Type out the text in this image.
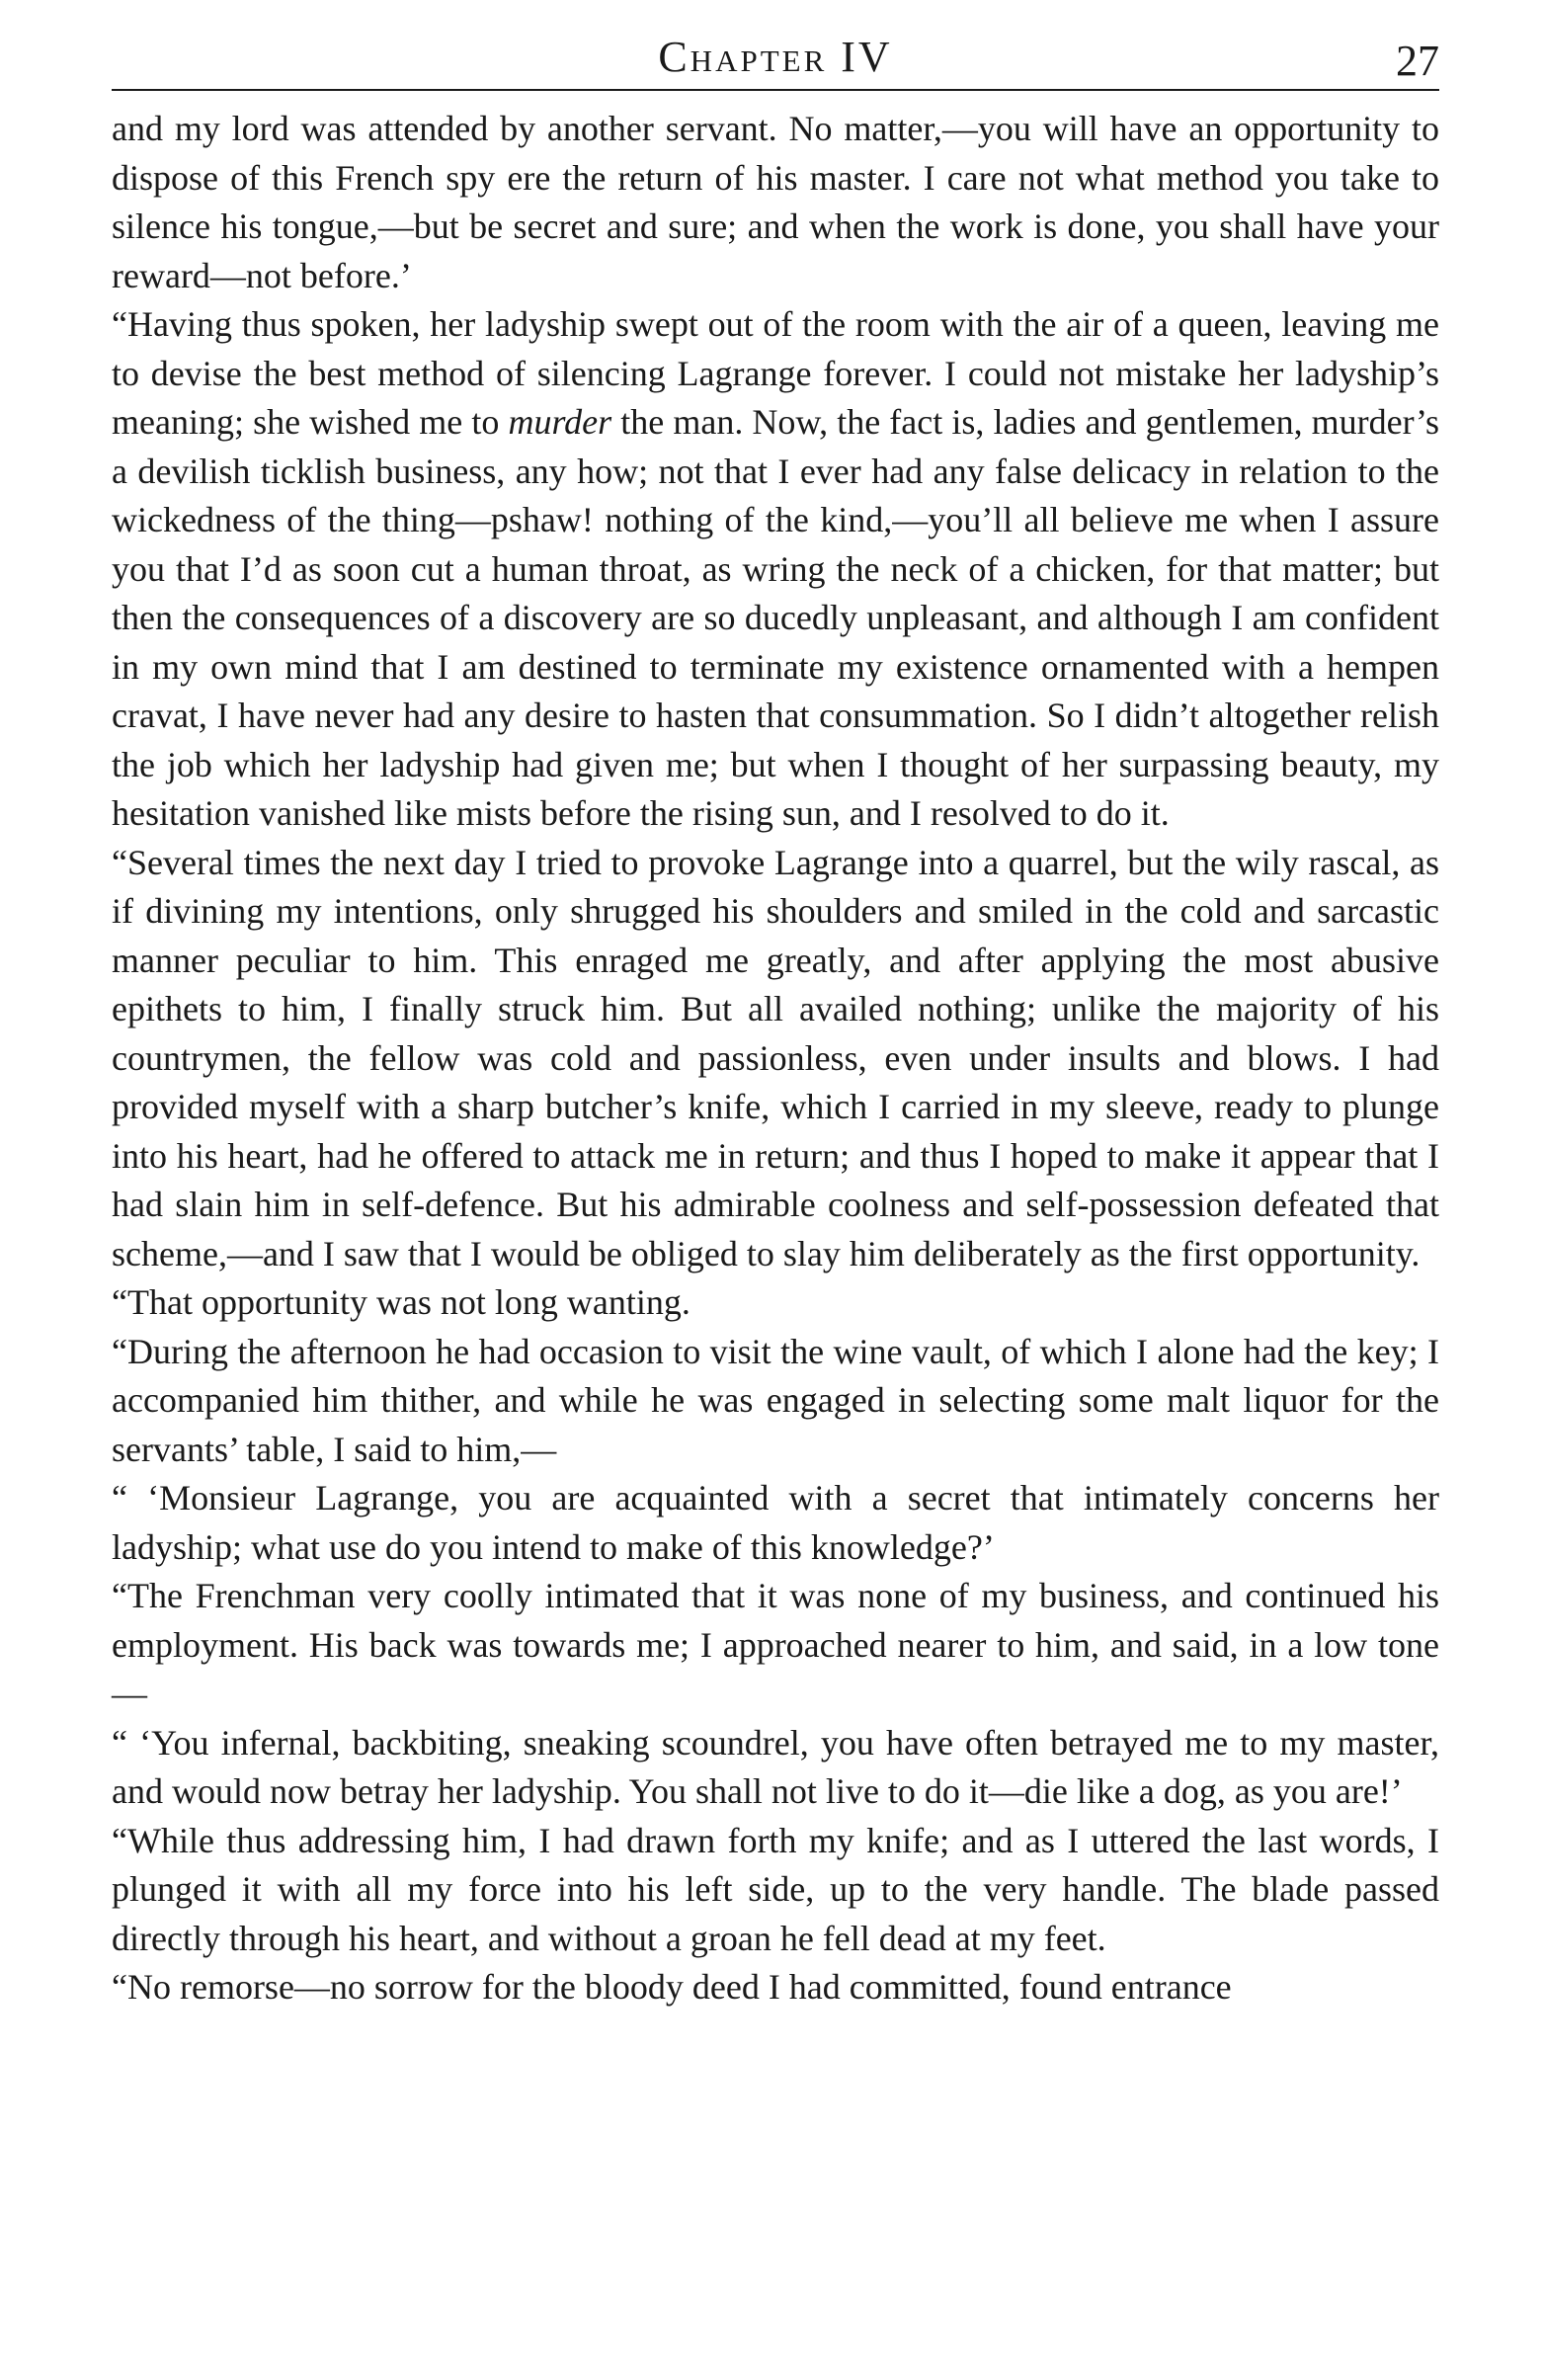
Chapter IV	27

and my lord was attended by another servant. No matter,—you will have an opportunity to dispose of this French spy ere the return of his master. I care not what method you take to silence his tongue,—but be secret and sure; and when the work is done, you shall have your reward—not before.’

“Having thus spoken, her ladyship swept out of the room with the air of a queen, leaving me to devise the best method of silencing Lagrange forever. I could not mistake her ladyship’s meaning; she wished me to murder the man. Now, the fact is, ladies and gentlemen, murder’s a devilish ticklish business, any how; not that I ever had any false delicacy in relation to the wickedness of the thing—pshaw! nothing of the kind,—you’ll all believe me when I assure you that I’d as soon cut a human throat, as wring the neck of a chicken, for that matter; but then the consequences of a discovery are so ducedly unpleasant, and although I am confident in my own mind that I am destined to terminate my existence ornamented with a hempen cravat, I have never had any desire to hasten that consummation. So I didn’t altogether relish the job which her ladyship had given me; but when I thought of her surpassing beauty, my hesitation vanished like mists before the rising sun, and I resolved to do it.

“Several times the next day I tried to provoke Lagrange into a quarrel, but the wily rascal, as if divining my intentions, only shrugged his shoulders and smiled in the cold and sarcastic manner peculiar to him. This enraged me greatly, and after applying the most abusive epithets to him, I finally struck him. But all availed nothing; unlike the majority of his countrymen, the fellow was cold and passionless, even under insults and blows. I had provided myself with a sharp butcher’s knife, which I carried in my sleeve, ready to plunge into his heart, had he offered to attack me in return; and thus I hoped to make it appear that I had slain him in self-defence. But his admirable coolness and self-possession defeated that scheme,—and I saw that I would be obliged to slay him deliberately as the first opportunity.

“That opportunity was not long wanting.

“During the afternoon he had occasion to visit the wine vault, of which I alone had the key; I accompanied him thither, and while he was engaged in selecting some malt liquor for the servants’ table, I said to him,—

“ ‘Monsieur Lagrange, you are acquainted with a secret that intimately concerns her ladyship; what use do you intend to make of this knowledge?’

“The Frenchman very coolly intimated that it was none of my business, and continued his employment. His back was towards me; I approached nearer to him, and said, in a low tone—

“ ‘You infernal, backbiting, sneaking scoundrel, you have often betrayed me to my master, and would now betray her ladyship. You shall not live to do it—die like a dog, as you are!’

“While thus addressing him, I had drawn forth my knife; and as I uttered the last words, I plunged it with all my force into his left side, up to the very handle. The blade passed directly through his heart, and without a groan he fell dead at my feet.

“No remorse—no sorrow for the bloody deed I had committed, found entrance
